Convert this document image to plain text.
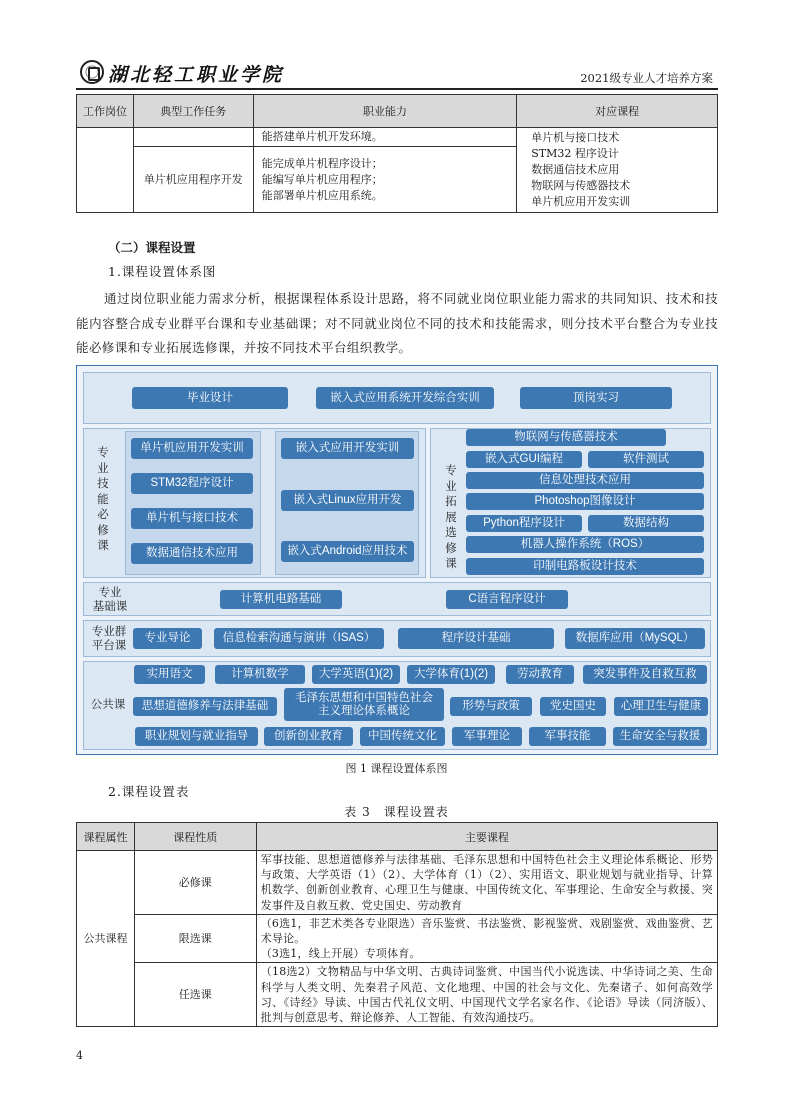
湖北轻工职业学院	2021级专业人才培养方案
工作岗位	典型工作任务	职业能力	对应课程
		能搭建单片机开发环境。	单片机与接口技术
STM32 程序设计
数据通信技术应用
物联网与传感器技术
单片机应用开发实训

	单片机应用程序开发	能完成单片机程序设计；
能编写单片机应用程序；
能部署单片机应用系统。	
（二）课程设置
1.课程设置体系图
通过岗位职业能力需求分析，根据课程体系设计思路，将不同就业岗位职业能力需求的共同知识、技术和技能内容整合成专业群平台课和专业基础课；对不同就业岗位不同的技术和技能需求，则分技术平台整合为专业技能必修课和专业拓展选修课，并按不同技术平台组织教学。
毕业设计	嵌入式应用系统开发综合实训	顶岗实习
专业技能必修课
单片机应用开发实训
STM32程序设计
单片机与接口技术
数据通信技术应用
嵌入式应用开发实训
嵌入式Linux应用开发
嵌入式Android应用技术
专业拓展选修课
物联网与传感器技术
嵌入式GUI编程	软件测试
信息处理技术应用
Photoshop图像设计
Python程序设计	数据结构
机器人操作系统（ROS）
印制电路板设计技术
专业
基础课	计算机电路基础	C语言程序设计
专业群
平台课	专业导论	信息检索沟通与演讲（ISAS）	程序设计基础	数据库应用（MySQL）
公共课
实用语文	计算机数学	大学英语(1)(2)	大学体育(1)(2)	劳动教育	突发事件及自救互救
思想道德修养与法律基础
毛泽东思想和中国特色社会主义理论体系概论	形势与政策	党史国史	心理卫生与健康
职业规划与就业指导	创新创业教育	中国传统文化	军事理论	军事技能	生命安全与救援
图 1 课程设置体系图
2.课程设置表
表 3　课程设置表
课程属性	课程性质	主要课程
公共课程	必修课	军事技能、思想道德修养与法律基础、毛泽东思想和中国特色社会主义理论体系概论、形势与政策、大学英语（1）（2）、大学体育（1）（2）、实用语文、职业规划与就业指导、计算机数学、创新创业教育、心理卫生与健康、中国传统文化、军事理论、生命安全与救援、突发事件及自救互救、党史国史、劳动教育
	限选课	（6选1，非艺术类各专业限选）音乐鉴赏、书法鉴赏、影视鉴赏、戏剧鉴赏、戏曲鉴赏、艺术导论。
（3选1，线上开展）专项体育。

	任选课	（18选2）文物精品与中华文明、古典诗词鉴赏、中国当代小说选读、中华诗词之美、生命科学与人类文明、先秦君子风范、文化地理、中国的社会与文化、先秦诸子、如何高效学习、《诗经》导读、中国古代礼仪文明、中国现代文学名家名作、《论语》导读（同济版）、批判与创意思考、辩论修养、人工智能、有效沟通技巧。
4
